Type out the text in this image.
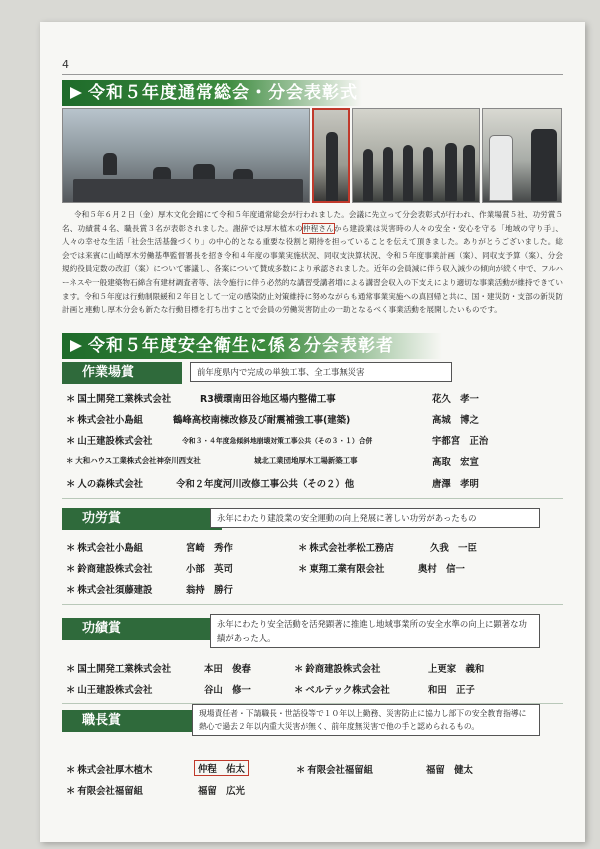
4
令和５年度通常総会・分会表彰式
令和５年６月２日（金）厚木文化会館にて令和５年度通常総会が行われました。会議に先立って分会表彰式が行われ、作業場賞５社、功労賞５名、功績賞４名、職長賞３名が表彰されました。謝辞では厚木植木の仲程さんから建設業は災害時の人々の安全・安心を守る「地域の守り手」、人々の幸せな生活「社会生活基盤づくり」の中心的となる重要な役割と期待を担っていることを伝えて頂きました。ありがとうございました。総会では来賓に山崎厚木労働基準監督署長を招き令和４年度の事業実施状況、同収支決算状況、令和５年度事業計画（案）、同収支予算（案）、分会規約役員定数の改訂（案）について審議し、各案について賛成多数により承認されました。近年の会員減に伴う収入減少の傾向が続く中で、フルハーネスや一般建築物石綿含有建材調査者等、法令施行に伴う必然的な講習受講者増による講習会収入の下支えにより適切な事業活動が維持できています。令和５年度は行動制限緩和２年目として一定の感染防止対策維持に努めながらも通常事業実施への真回帰と共に、国・建災防・支部の新災防計画と連動し厚木分会も新たな行動目標を打ち出すことで会員の労働災害防止の一助となるべく事業活動を展開したいものです。
令和５年度安全衛生に係る分会表彰者
作業場賞	前年度県内で完成の単独工事、全工事無災害
＊ 国土開発工業株式会社	R3横環南田谷地区場内整備工事	花久　孝一
＊ 株式会社小島組	鶴峰高校南棟改修及び耐震補強工事(建築)	高城　博之
＊ 山王建設株式会社	令和３・４年度急傾斜地崩壊対策工事公共（その３・１）合併	宇都宮　正治
＊ 大和ハウス工業株式会社神奈川西支社	城北工業団地厚木工場新築工事	高取　宏宣
＊ 人の森株式会社	令和２年度河川改修工事公共（その２）他	唐澤　孝明
功労賞	永年にわたり建設業の安全運動の向上発展に著しい功労があったもの
＊ 株式会社小島組	宮崎　秀作	＊ 株式会社孝松工務店	久我　一臣
＊ 鈴商建設株式会社	小部　英司	＊ 東翔工業有限会社	奥村　信一
＊ 株式会社須藤建設	翁持　勝行
功績賞	永年にわたり安全活動を活発顕著に推進し地域事業所の安全水準の向上に顕著な功績があった人。
＊ 国土開発工業株式会社	本田　俊春	＊ 鈴商建設株式会社	上更家　義和
＊ 山王建設株式会社	谷山　修一	＊ ベルテック株式会社	和田　正子
職長賞	現場責任者・下請職長・世話役等で１０年以上勤務、災害防止に協力し部下の安全教育指導に熱心で過去２年以内重大災害が無く、前年度無災害で他の手と認められるもの。
＊ 株式会社厚木植木	仲程　佑太	＊ 有限会社福留組	福留　健太
＊ 有限会社福留組	福留　広光
